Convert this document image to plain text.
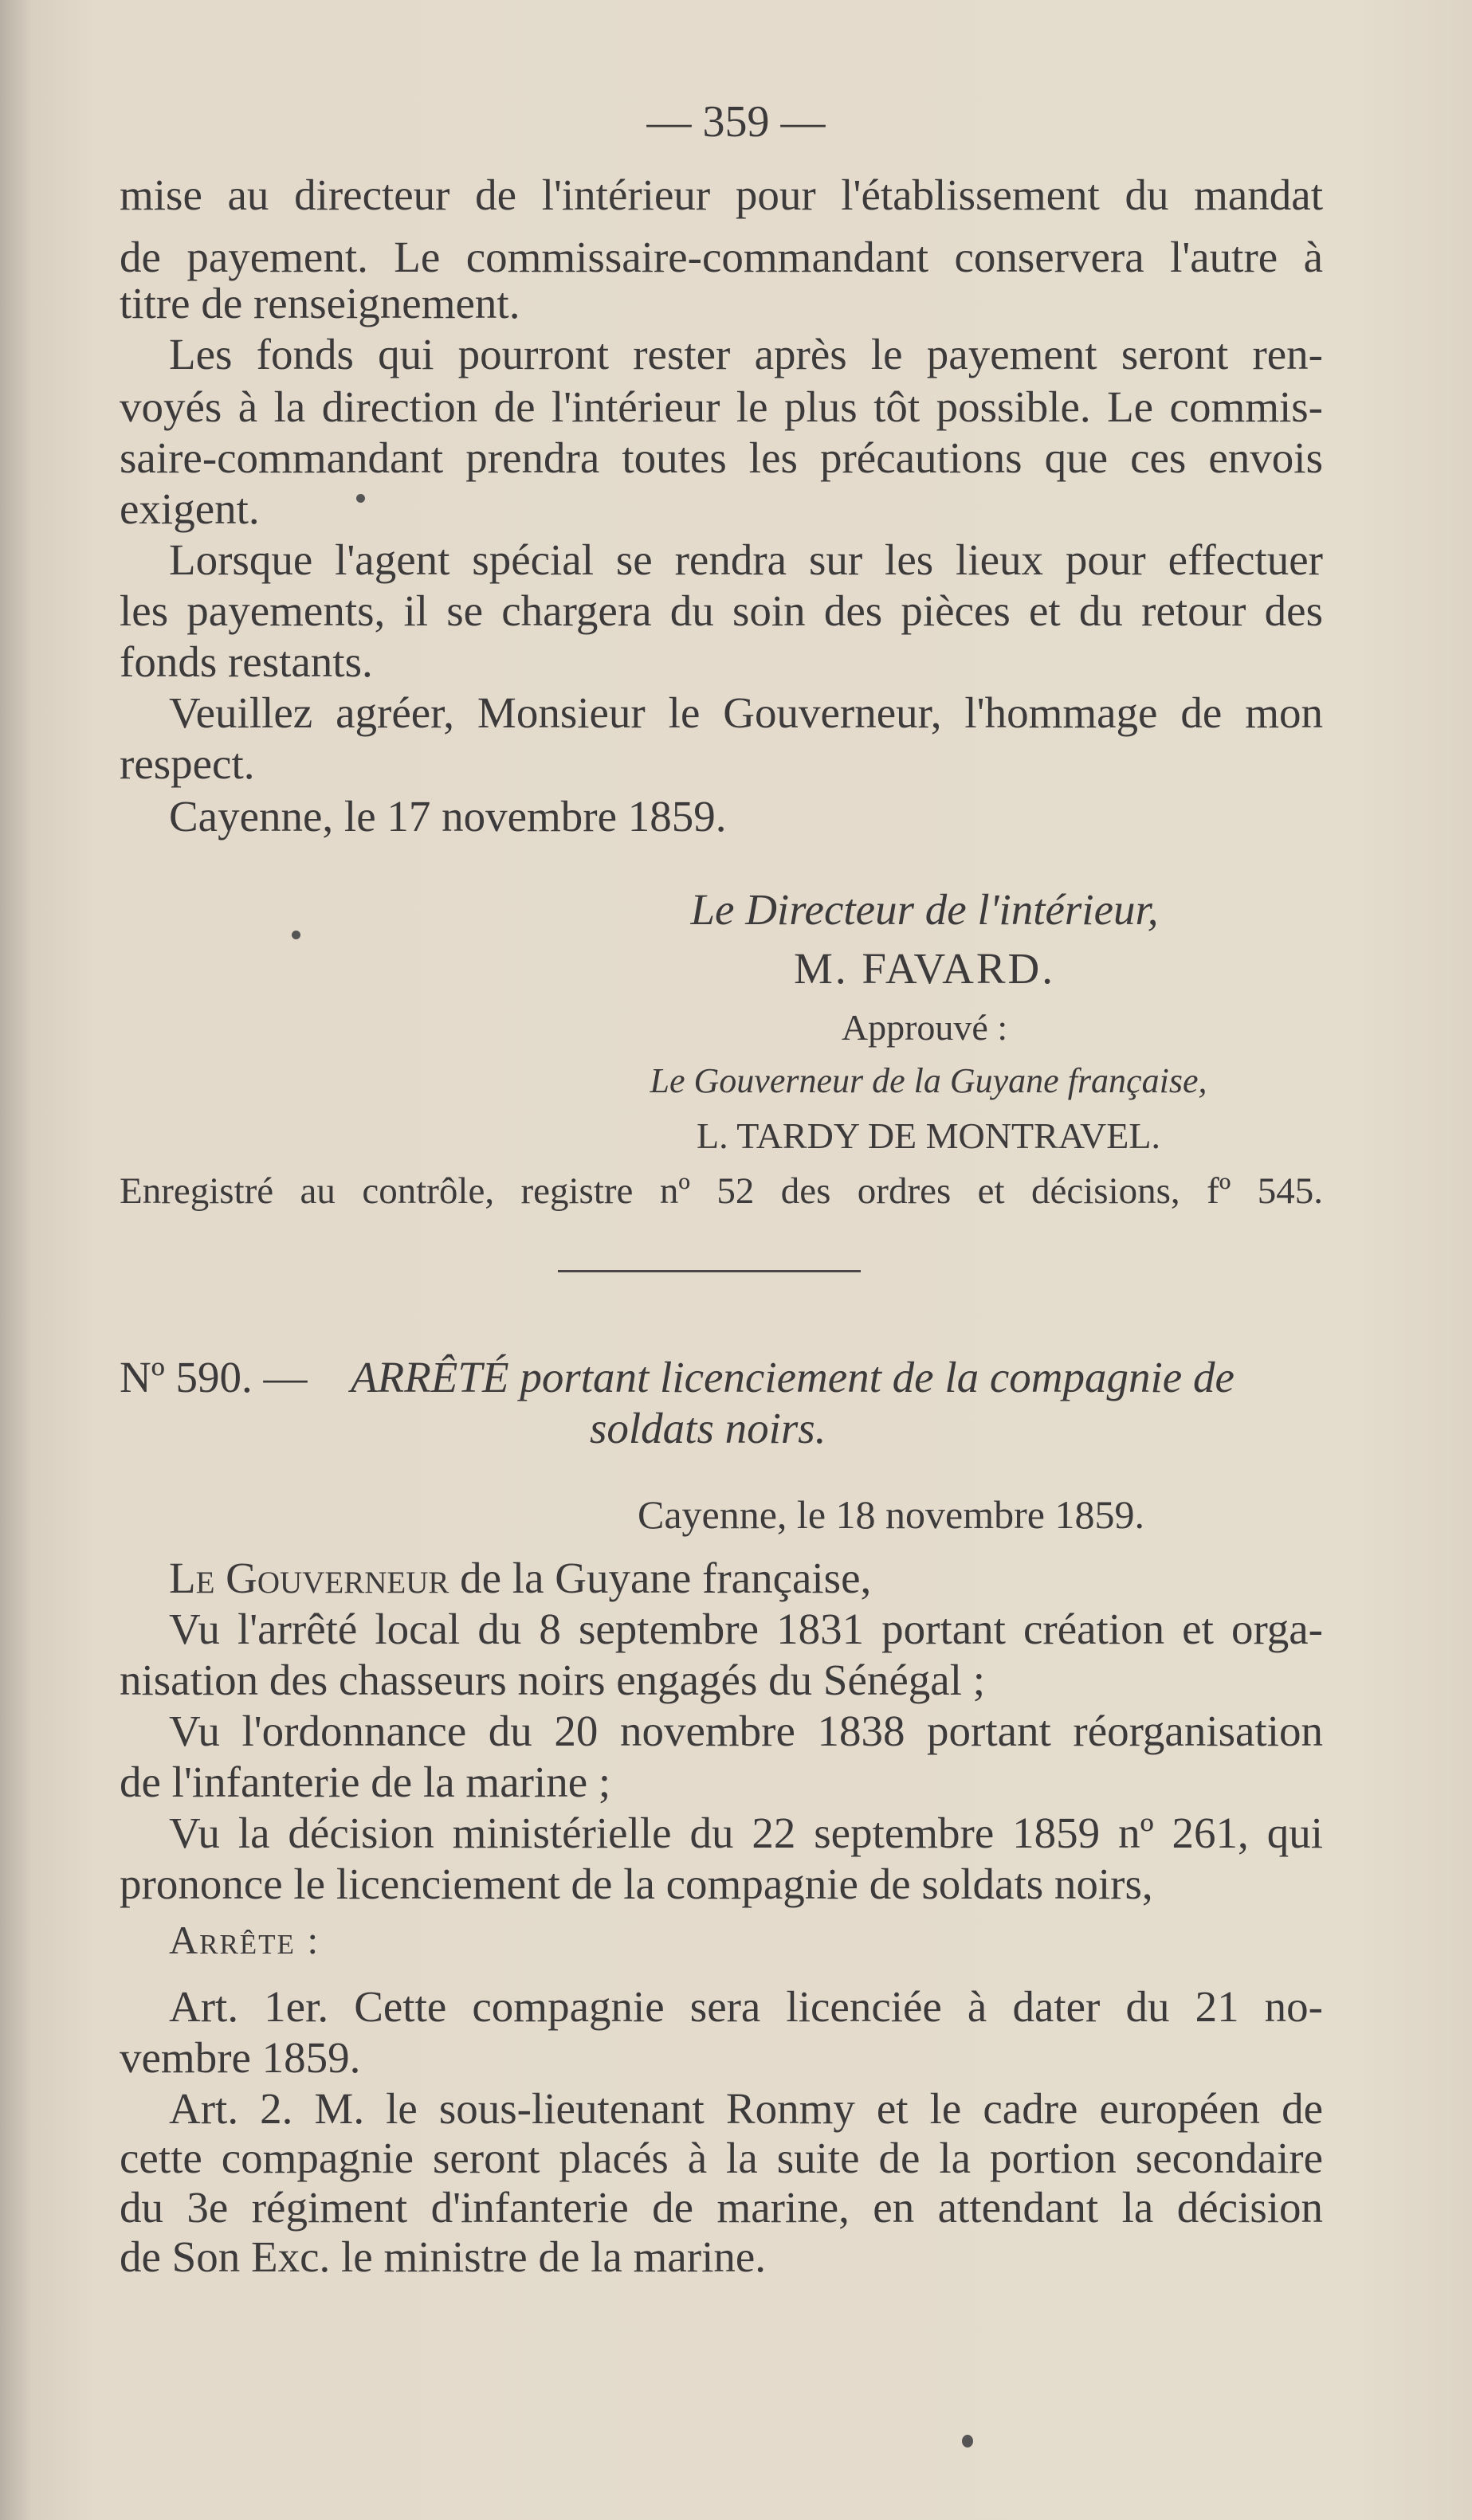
— 359 —
mise au directeur de l'intérieur pour l'établissement du mandat
de payement. Le commissaire-commandant conservera l'autre à
titre de renseignement.
Les fonds qui pourront rester après le payement seront ren-
voyés à la direction de l'intérieur le plus tôt possible. Le commis-
saire-commandant prendra toutes les précautions que ces envois
exigent.
Lorsque l'agent spécial se rendra sur les lieux pour effectuer
les payements, il se chargera du soin des pièces et du retour des
fonds restants.
Veuillez agréer, Monsieur le Gouverneur, l'hommage de mon
respect.
Cayenne, le 17 novembre 1859.
Le Directeur de l'intérieur,
M. FAVARD.
Approuvé :
Le Gouverneur de la Guyane française,
L. TARDY DE MONTRAVEL.
Enregistré au contrôle, registre nº 52 des ordres et décisions, fº 545.
Nº 590. — ARRÊTÉ portant licenciement de la compagnie de
soldats noirs.
Cayenne, le 18 novembre 1859.
Le Gouverneur de la Guyane française,
Vu l'arrêté local du 8 septembre 1831 portant création et orga-
nisation des chasseurs noirs engagés du Sénégal ;
Vu l'ordonnance du 20 novembre 1838 portant réorganisation
de l'infanterie de la marine ;
Vu la décision ministérielle du 22 septembre 1859 nº 261, qui
prononce le licenciement de la compagnie de soldats noirs,
Arrête :
Art. 1er. Cette compagnie sera licenciée à dater du 21 no-
vembre 1859.
Art. 2. M. le sous-lieutenant Ronmy et le cadre européen de
cette compagnie seront placés à la suite de la portion secondaire
du 3e régiment d'infanterie de marine, en attendant la décision
de Son Exc. le ministre de la marine.
